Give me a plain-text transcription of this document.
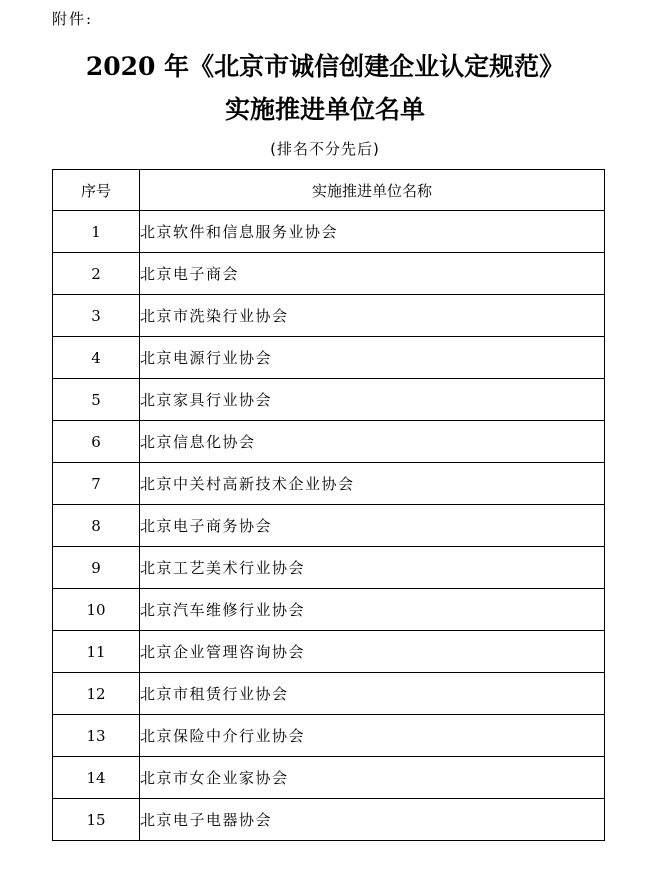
附件:
2020 年《北京市诚信创建企业认定规范》
实施推进单位名单
(排名不分先后)
序号	实施推进单位名称
1	北京软件和信息服务业协会
2	北京电子商会
3	北京市洗染行业协会
4	北京电源行业协会
5	北京家具行业协会
6	北京信息化协会
7	北京中关村高新技术企业协会
8	北京电子商务协会
9	北京工艺美术行业协会
10	北京汽车维修行业协会
11	北京企业管理咨询协会
12	北京市租赁行业协会
13	北京保险中介行业协会
14	北京市女企业家协会
15	北京电子电器协会
